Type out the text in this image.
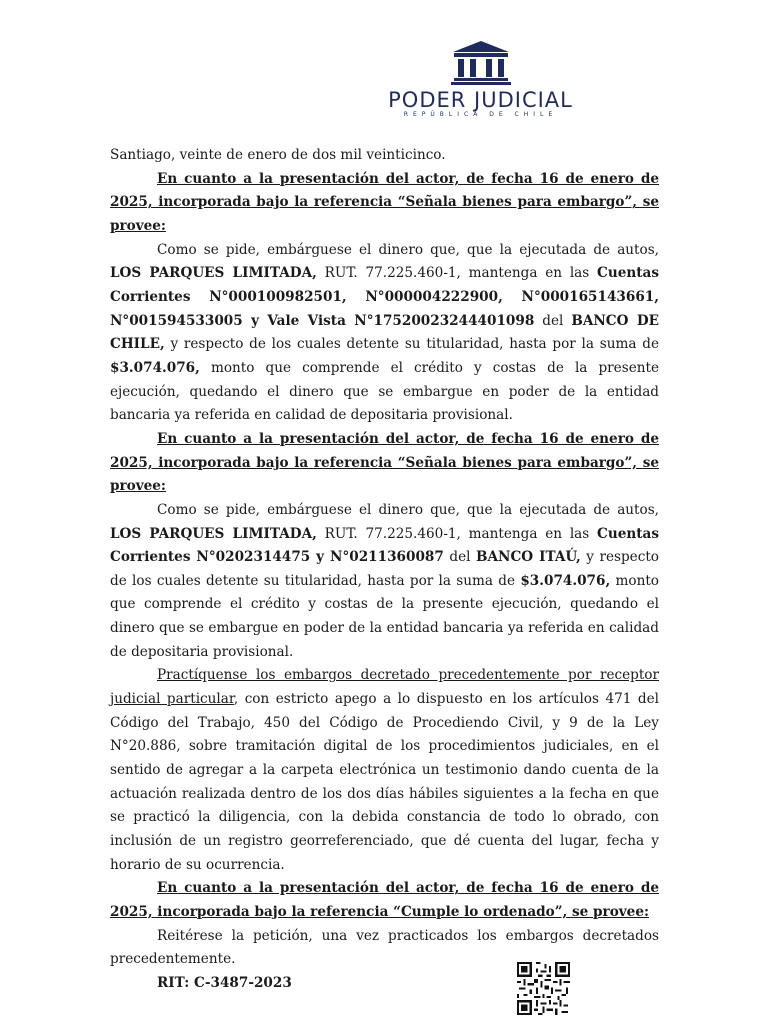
PODER JUDICIAL
REPÚBLICA DE CHILE

Santiago, veinte de enero de dos mil veinticinco.

En cuanto a la presentación del actor, de fecha 16 de enero de 2025, incorporada bajo la referencia “Señala bienes para embargo”, se provee:

Como se pide, embárguese el dinero que, que la ejecutada de autos, LOS PARQUES LIMITADA, RUT. 77.225.460-1, mantenga en las Cuentas Corrientes N°000100982501, N°000004222900, N°000165143661, N°001594533005 y Vale Vista N°17520023244401098 del BANCO DE CHILE, y respecto de los cuales detente su titularidad, hasta por la suma de $3.074.076, monto que comprende el crédito y costas de la presente ejecución, quedando el dinero que se embargue en poder de la entidad bancaria ya referida en calidad de depositaria provisional.

En cuanto a la presentación del actor, de fecha 16 de enero de 2025, incorporada bajo la referencia “Señala bienes para embargo”, se provee:

Como se pide, embárguese el dinero que, que la ejecutada de autos, LOS PARQUES LIMITADA, RUT. 77.225.460-1, mantenga en las Cuentas Corrientes N°0202314475 y N°0211360087 del BANCO ITAÚ, y respecto de los cuales detente su titularidad, hasta por la suma de $3.074.076, monto que comprende el crédito y costas de la presente ejecución, quedando el dinero que se embargue en poder de la entidad bancaria ya referida en calidad de depositaria provisional.

Practíquense los embargos decretado precedentemente por receptor judicial particular, con estricto apego a lo dispuesto en los artículos 471 del Código del Trabajo, 450 del Código de Procediendo Civil, y 9 de la Ley N°20.886, sobre tramitación digital de los procedimientos judiciales, en el sentido de agregar a la carpeta electrónica un testimonio dando cuenta de la actuación realizada dentro de los dos días hábiles siguientes a la fecha en que se practicó la diligencia, con la debida constancia de todo lo obrado, con inclusión de un registro georreferenciado, que dé cuenta del lugar, fecha y horario de su ocurrencia.

En cuanto a la presentación del actor, de fecha 16 de enero de 2025, incorporada bajo la referencia “Cumple lo ordenado”, se provee:

Reitérese la petición, una vez practicados los embargos decretados precedentemente.

RIT: C-3487-2023
